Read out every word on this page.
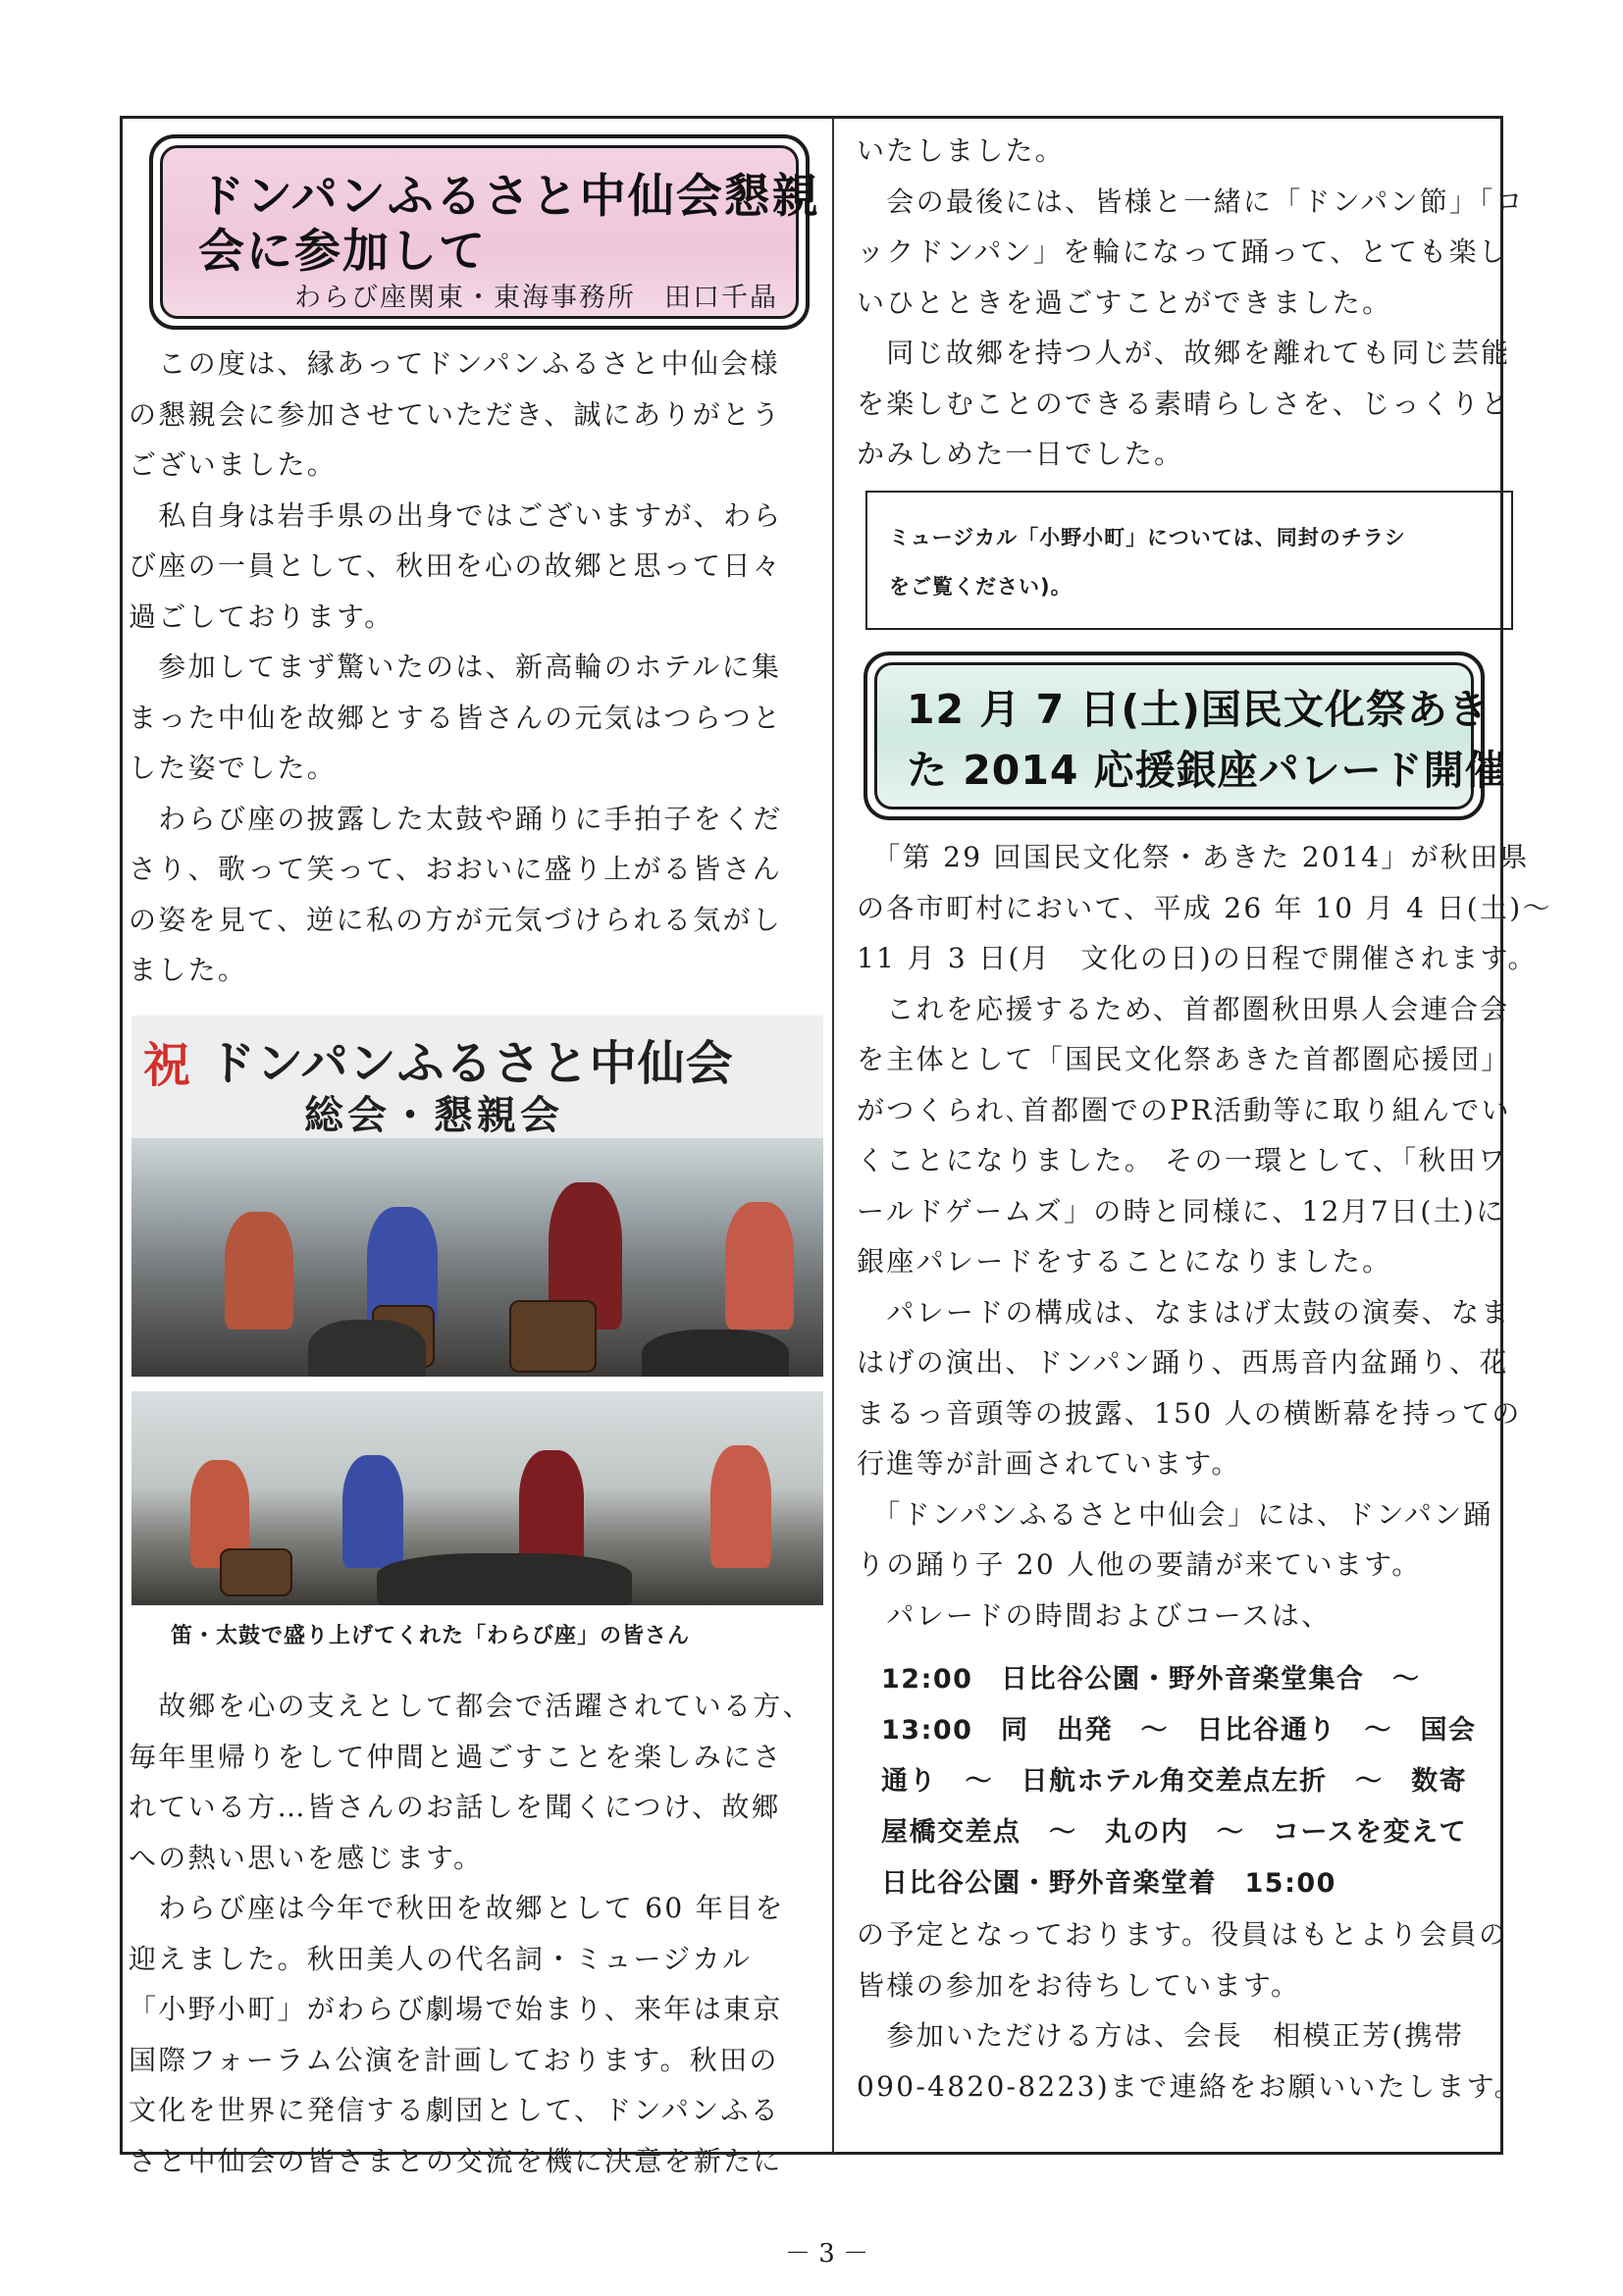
ドンパンふるさと中仙会懇親
会に参加して
わらび座関東・東海事務所　田口千晶

　この度は、縁あってドンパンふるさと中仙会様
の懇親会に参加させていただき、誠にありがとう
ございました。
　私自身は岩手県の出身ではございますが、わら
び座の一員として、秋田を心の故郷と思って日々
過ごしております。
　参加してまず驚いたのは、新高輪のホテルに集
まった中仙を故郷とする皆さんの元気はつらつと
した姿でした。
　わらび座の披露した太鼓や踊りに手拍子をくだ
さり、歌って笑って、おおいに盛り上がる皆さん
の姿を見て、逆に私の方が元気づけられる気がし
ました。

祝 ドンパンふるさと中仙会
総会・懇親会
笛・太鼓で盛り上げてくれた「わらび座」の皆さん

　故郷を心の支えとして都会で活躍されている方、
毎年里帰りをして仲間と過ごすことを楽しみにさ
れている方…皆さんのお話しを聞くにつけ、故郷
への熱い思いを感じます。
　わらび座は今年で秋田を故郷として 60 年目を
迎えました。秋田美人の代名詞・ミュージカル
「小野小町」がわらび劇場で始まり、来年は東京
国際フォーラム公演を計画しております。秋田の
文化を世界に発信する劇団として、ドンパンふる
さと中仙会の皆さまとの交流を機に決意を新たに

いたしました。
　会の最後には、皆様と一緒に「ドンパン節」「ロ
ックドンパン」を輪になって踊って、とても楽し
いひとときを過ごすことができました。
　同じ故郷を持つ人が、故郷を離れても同じ芸能
を楽しむことのできる素晴らしさを、じっくりと
かみしめた一日でした。

ミュージカル「小野小町」については、同封のチラシ
をご覧ください)。
12 月 7 日(土)国民文化祭あき
た 2014 応援銀座パレード開催

　「第 29 回国民文化祭・あきた 2014」が秋田県
の各市町村において、平成 26 年 10 月 4 日(土)～
11 月 3 日(月　文化の日)の日程で開催されます。
　これを応援するため、首都圏秋田県人会連合会
を主体として「国民文化祭あきた首都圏応援団」
がつくられ､首都圏でのPR活動等に取り組んでい
くことになりました。 その一環として、「秋田ワ
ールドゲームズ」の時と同様に、12月7日(土)に
銀座パレードをすることになりました。
　パレードの構成は、なまはげ太鼓の演奏、なま
はげの演出、ドンパン踊り、西馬音内盆踊り、花
まるっ音頭等の披露、150 人の横断幕を持っての
行進等が計画されています。
　「ドンパンふるさと中仙会」には、ドンパン踊
りの踊り子 20 人他の要請が来ています。
　パレードの時間およびコースは、

12:00　日比谷公園・野外音楽堂集合　～
13:00　同　出発　～　日比谷通り　～　国会
通り　～　日航ホテル角交差点左折　～　数寄
屋橋交差点　～　丸の内　～　コースを変えて
日比谷公園・野外音楽堂着　15:00

の予定となっております。役員はもとより会員の
皆様の参加をお待ちしています。
　参加いただける方は、会長　相模正芳(携帯
090-4820-8223)まで連絡をお願いいたします。

－ 3 －
